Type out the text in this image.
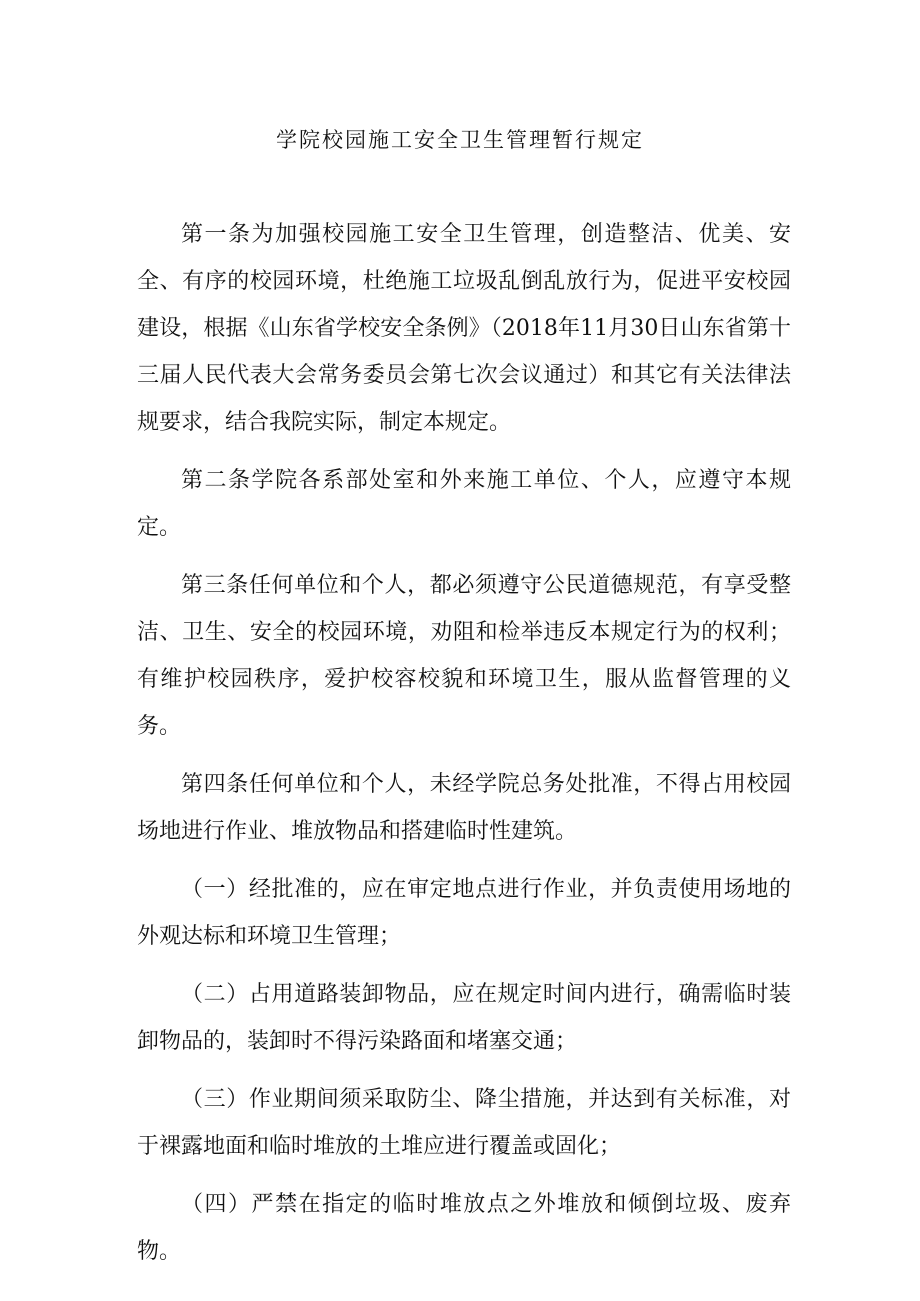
学院校园施工安全卫生管理暂行规定

第一条为加强校园施工安全卫生管理，创造整洁、优美、安全、有序的校园环境，杜绝施工垃圾乱倒乱放行为，促进平安校园建设，根据《山东省学校安全条例》（2018年11月30日山东省第十三届人民代表大会常务委员会第七次会议通过）和其它有关法律法规要求，结合我院实际，制定本规定。

第二条学院各系部处室和外来施工单位、个人，应遵守本规定。

第三条任何单位和个人，都必须遵守公民道德规范，有享受整洁、卫生、安全的校园环境，劝阻和检举违反本规定行为的权利；有维护校园秩序，爱护校容校貌和环境卫生，服从监督管理的义务。

第四条任何单位和个人，未经学院总务处批准，不得占用校园场地进行作业、堆放物品和搭建临时性建筑。

（一）经批准的，应在审定地点进行作业，并负责使用场地的外观达标和环境卫生管理；

（二）占用道路装卸物品，应在规定时间内进行，确需临时装卸物品的，装卸时不得污染路面和堵塞交通；

（三）作业期间须采取防尘、降尘措施，并达到有关标准，对于裸露地面和临时堆放的土堆应进行覆盖或固化；

（四）严禁在指定的临时堆放点之外堆放和倾倒垃圾、废弃物。
